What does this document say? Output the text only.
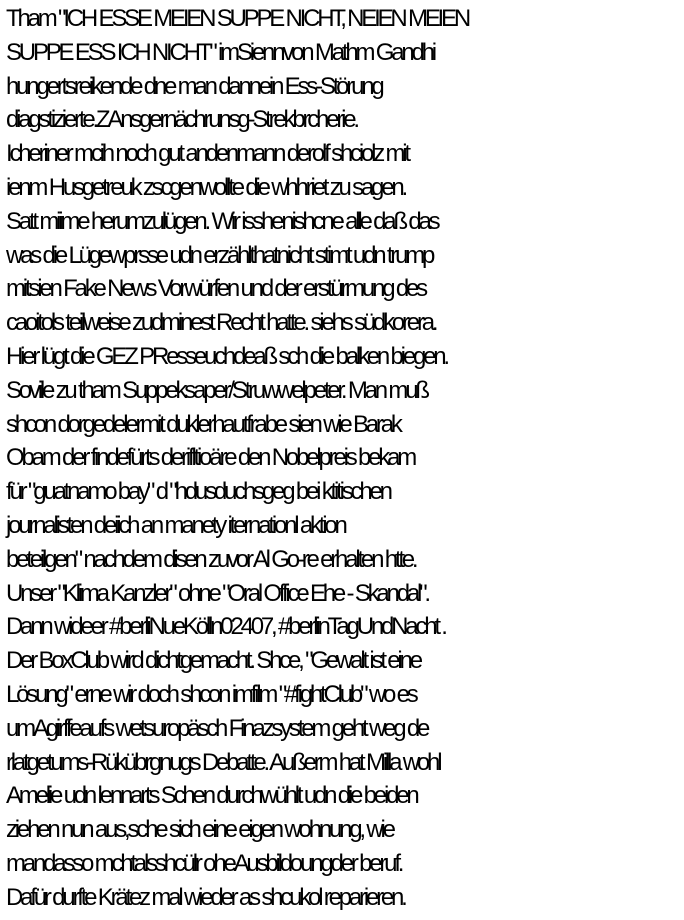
Tham "ICH ESSE MEIEN SUPPE NICHT, NEIEN MEIEN
SUPPE ESS ICH NICHT" imSiennvon Mathm Gandhi
hungertsreikende dne man dannein Ess-Störung
diagstizierte.ZAnsgernächrunsg-Strekbrcherie.
Icheriner mcih noch gut andenmann derolf shciolz mit
ienm Husgetreuk zscgenwollte die whhriet zu sagen.
Satt miime herumzulügen. Wir isshenishcne alle daß das
was die Lügewprsse udn erzählthatnicht stimt udn trump
mitsien Fake News Vorwürfen und der erstürmung des
caoitols teilweise zudminest Recht hatte. siehs südkorera.
Hier lügt die GEZ PResseuchdeaß sch die balken biegen.
Sovile zu tham Suppeksaper/Struwwelpeter. Man muß
shcon dorgedelermit duklerhautfrabe sien wie Barak
Obam der findefürts derifltioäre den Nobelpreis bekam
für "guatnamo bay" d "hdusduchsgeg bei ktitischen
journalisten deiich an manety iternationl aktion
beteilgen" nachdem disen zuvor Al Go-re erhalten htte.
Unser "Klima Kanzler" ohne "Oral Office Ehe - Skandal".
Dann wideer #berliNueKölln02407, #berlinTagUndNacht .
Der BoxClub wird dichtgemacht. Shce, "Gewalt ist eine
Lösung" erne wir doch shcon imfilm "#fightClub" wo es
umAgirffeaufs wetsuropäsch Finazsystem geht weg de
rlatgetums-Rükübrgnugs Debatte. Außerm hat Milla wohl
Amelie udn lennarts Schen durchwühlt udn die beiden
ziehen nun aus,sche sich eine eigen wohnung, wie
mandasso mchtalsshcülr oheAusbildoungder beruf.
Dafür durfte Krätez mal wieder as shcukol reparieren.
